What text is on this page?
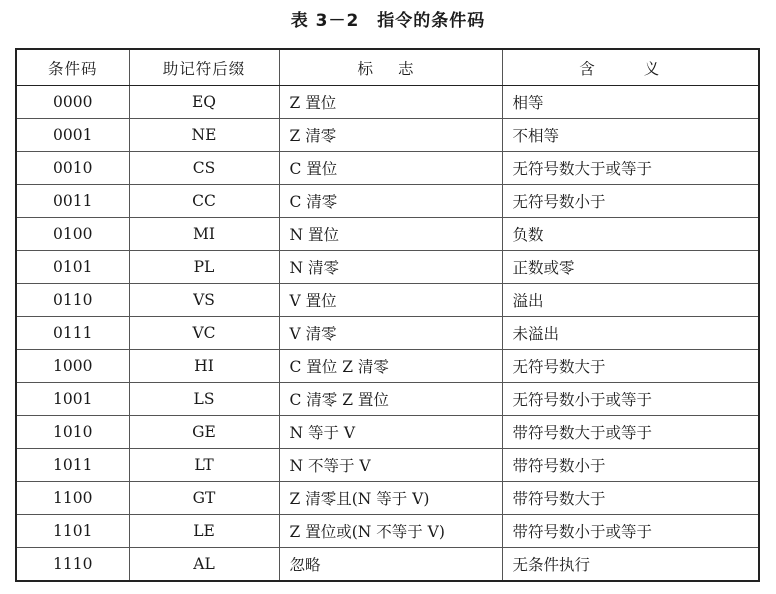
表 3－2 指令的条件码
条件码	助记符后缀	标 志	含 义
0000	EQ	Z 置位	相等
0001	NE	Z 清零	不相等
0010	CS	C 置位	无符号数大于或等于
0011	CC	C 清零	无符号数小于
0100	MI	N 置位	负数
0101	PL	N 清零	正数或零
0110	VS	V 置位	溢出
0111	VC	V 清零	未溢出
1000	HI	C 置位 Z 清零	无符号数大于
1001	LS	C 清零 Z 置位	无符号数小于或等于
1010	GE	N 等于 V	带符号数大于或等于
1011	LT	N 不等于 V	带符号数小于
1100	GT	Z 清零且(N 等于 V)	带符号数大于
1101	LE	Z 置位或(N 不等于 V)	带符号数小于或等于
1110	AL	忽略	无条件执行
